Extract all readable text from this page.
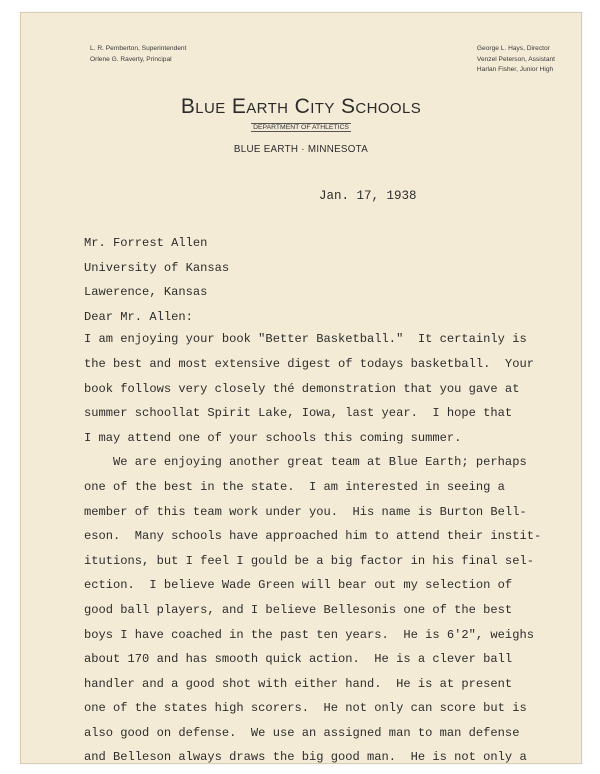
L. R. Pemberton, Superintendent
Orlene G. Raverty, Principal
George L. Hays, Director
Venzel Peterson, Assistant
Harlan Fisher, Junior High
Blue Earth City Schools
DEPARTMENT OF ATHLETICS
BLUE EARTH · MINNESOTA
Jan. 17, 1938
Mr. Forrest Allen
University of Kansas
Lawerence, Kansas
Dear Mr. Allen:
I am enjoying your book "Better Basketball."  It certainly is
the best and most extensive digest of todays basketball.  Your
book follows very closely thé demonstration that you gave at
summer schoollat Spirit Lake, Iowa, last year.  I hope that
I may attend one of your schools this coming summer.
We are enjoying another great team at Blue Earth; perhaps
one of the best in the state.  I am interested in seeing a
member of this team work under you.  His name is Burton Bell-
eson.  Many schools have approached him to attend their instit-
itutions, but I feel I gould be a big factor in his final sel-
ection.  I believe Wade Green will bear out my selection of
good ball players, and I believe Bellesonis one of the best
boys I have coached in the past ten years.  He is 6'2", weighs
about 170 and has smooth quick action.  He is a clever ball
handler and a good shot with either hand.  He is at present
one of the states high scorers.  He not only can score but is
also good on defense.  We use an assigned man to man defense
and Belleson always draws the big good man.  He is not only a
